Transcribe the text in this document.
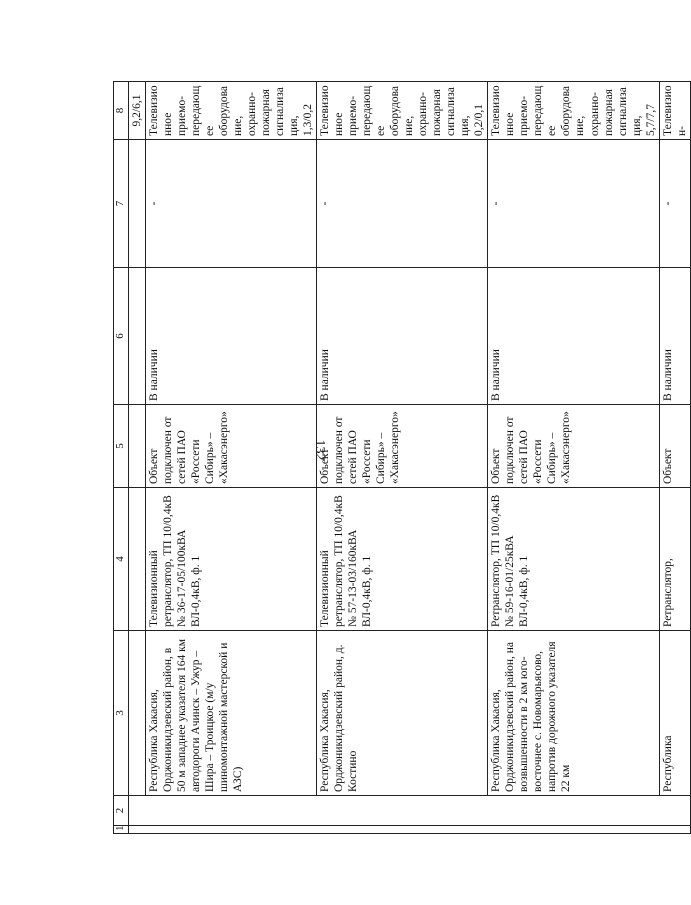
132
1	2	3	4	5	6	7	8
							9,2/6,1
		Республика Хакасия, Орджоникидзевский район, в 50 м западнее указателя 164 км автодороги Ачинск – Ужур – Шира – Троицкое (м/у шиномонтажной мастерской и АЗС)	Телевизионный ретранслятор, ТП 10/0,4кВ № 36-17-05/100кВА ВЛ-0,4кВ, ф. 1	Объект подключен от сетей ПАО «Россети Сибирь» – «Хакасэнерго»	В наличии	-	Телевизионное приемо-передающее оборудование, охранно-пожарная сигнализация, 1,3/0,2
		Республика Хакасия, Орджоникидзевский район, д. Костино	Телевизионный ретранслятор, ТП 10/0,4кВ № 57-13-03/160кВА ВЛ-0,4кВ, ф. 1	Объект подключен от сетей ПАО «Россети Сибирь» – «Хакасэнерго»	В наличии	-	Телевизионное приемо-передающее оборудование, охранно-пожарная сигнализация, 0,2/0,1
		Республика Хакасия, Орджоникидзевский район, на возвышенности в 2 км юго-восточнее с. Новомарьясово, напротив дорожного указателя 22 км	Ретранслятор, ТП 10/0,4кВ № 59-16-01/25кВА ВЛ-0,4кВ, ф. 1	Объект подключен от сетей ПАО «Россети Сибирь» – «Хакасэнерго»	В наличии	-	Телевизионное приемо-передающее оборудование, охранно-пожарная сигнализация, 5,7/7,7
		Республика	Ретранслятор,	Объект	В наличии	-	Телевизион-
